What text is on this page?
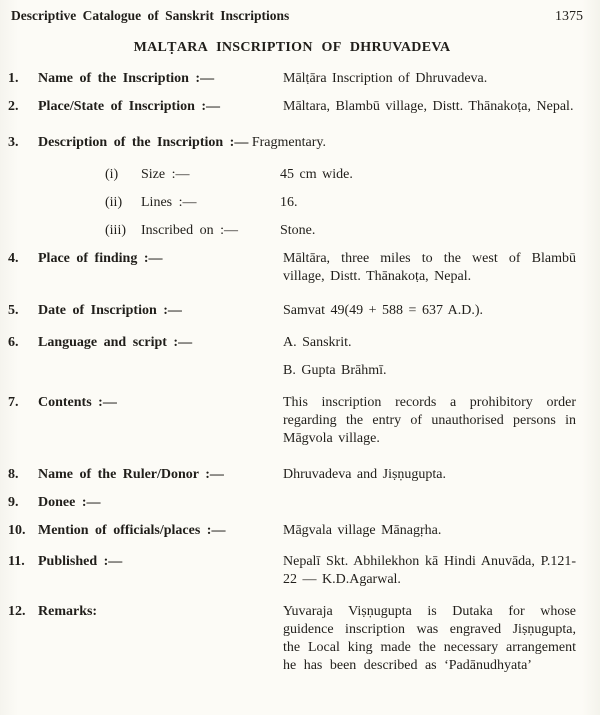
Descriptive Catalogue of Sanskrit Inscriptions	1375
MALṬARA INSCRIPTION OF DHRUVADEVA
1.	Name of the Inscription :—	Mālṭāra Inscription of Dhruvadeva.
2.	Place/State of Inscription :—	Māltara, Blambū village, Distt. Thānakoṭa, Nepal.
3.	Description of the Inscription :— Fragmentary.
(i)	Size :—	45 cm wide.
(ii)	Lines :—	16.
(iii)	Inscribed on :—	Stone.
4.	Place of finding :—	Māltāra, three miles to the west of Blambū village, Distt. Thānakoṭa, Nepal.
5.	Date of Inscription :—	Samvat 49(49 + 588 = 637 A.D.).
6.	Language and script :—	A. Sanskrit.
B. Gupta Brāhmī.
7.	Contents :—	This inscription records a prohibitory order regarding the entry of unauthorised persons in Māgvola village.
8.	Name of the Ruler/Donor :—	Dhruvadeva and Jiṣṇugupta.
9.	Donee :—
10. Mention of officials/places :—	Māgvala village Mānagṛha.
11. Published :—	Nepalī Skt. Abhilekhon kā Hindi Anuvāda, P.121- 22 — K.D.Agarwal.
12. Remarks:	Yuvaraja Viṣṇugupta is Dutaka for whose guidence inscription was engraved Jiṣṇugupta, the Local king made the necessary arrangement he has been described as ‘Padānudhyata’
